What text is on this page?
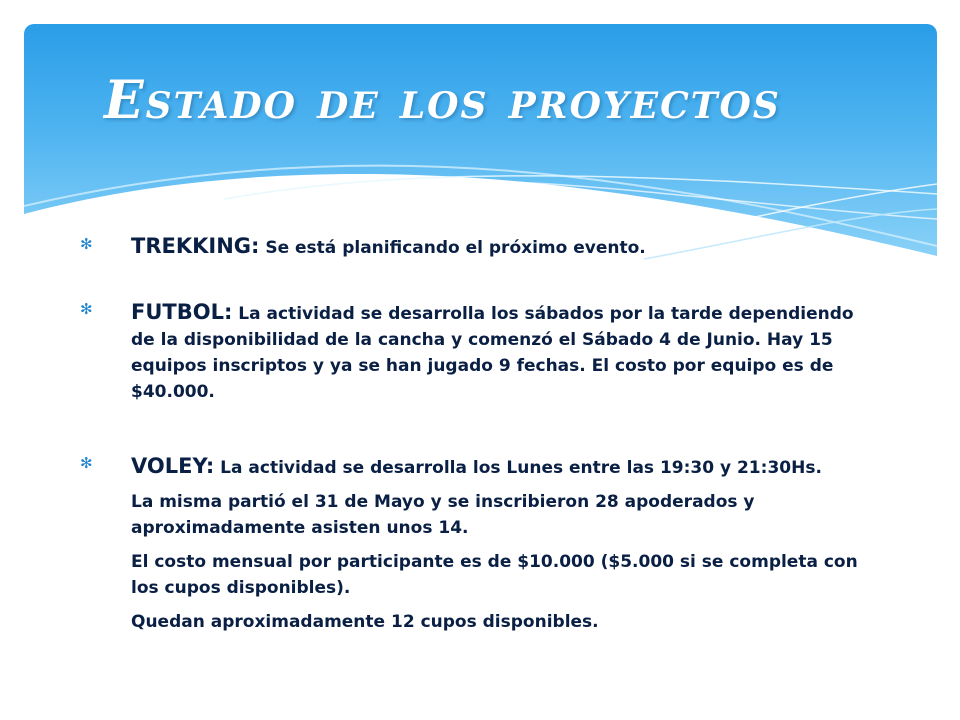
Estado de los proyectos
✻	TREKKING: Se está planificando el próximo evento.
✻	FUTBOL: La actividad se desarrolla los sábados por la tarde dependiendo de la disponibilidad de la cancha y comenzó el Sábado 4 de Junio. Hay 15 equipos inscriptos y ya se han jugado 9 fechas. El costo por equipo es de $40.000.
✻	VOLEY: La actividad se desarrolla los Lunes entre las 19:30 y 21:30Hs.

La misma partió el 31 de Mayo y se inscribieron 28 apoderados y aproximadamente asisten unos 14.

El costo mensual por participante es de $10.000 ($5.000 si se completa con los cupos disponibles).

Quedan aproximadamente 12 cupos disponibles.
